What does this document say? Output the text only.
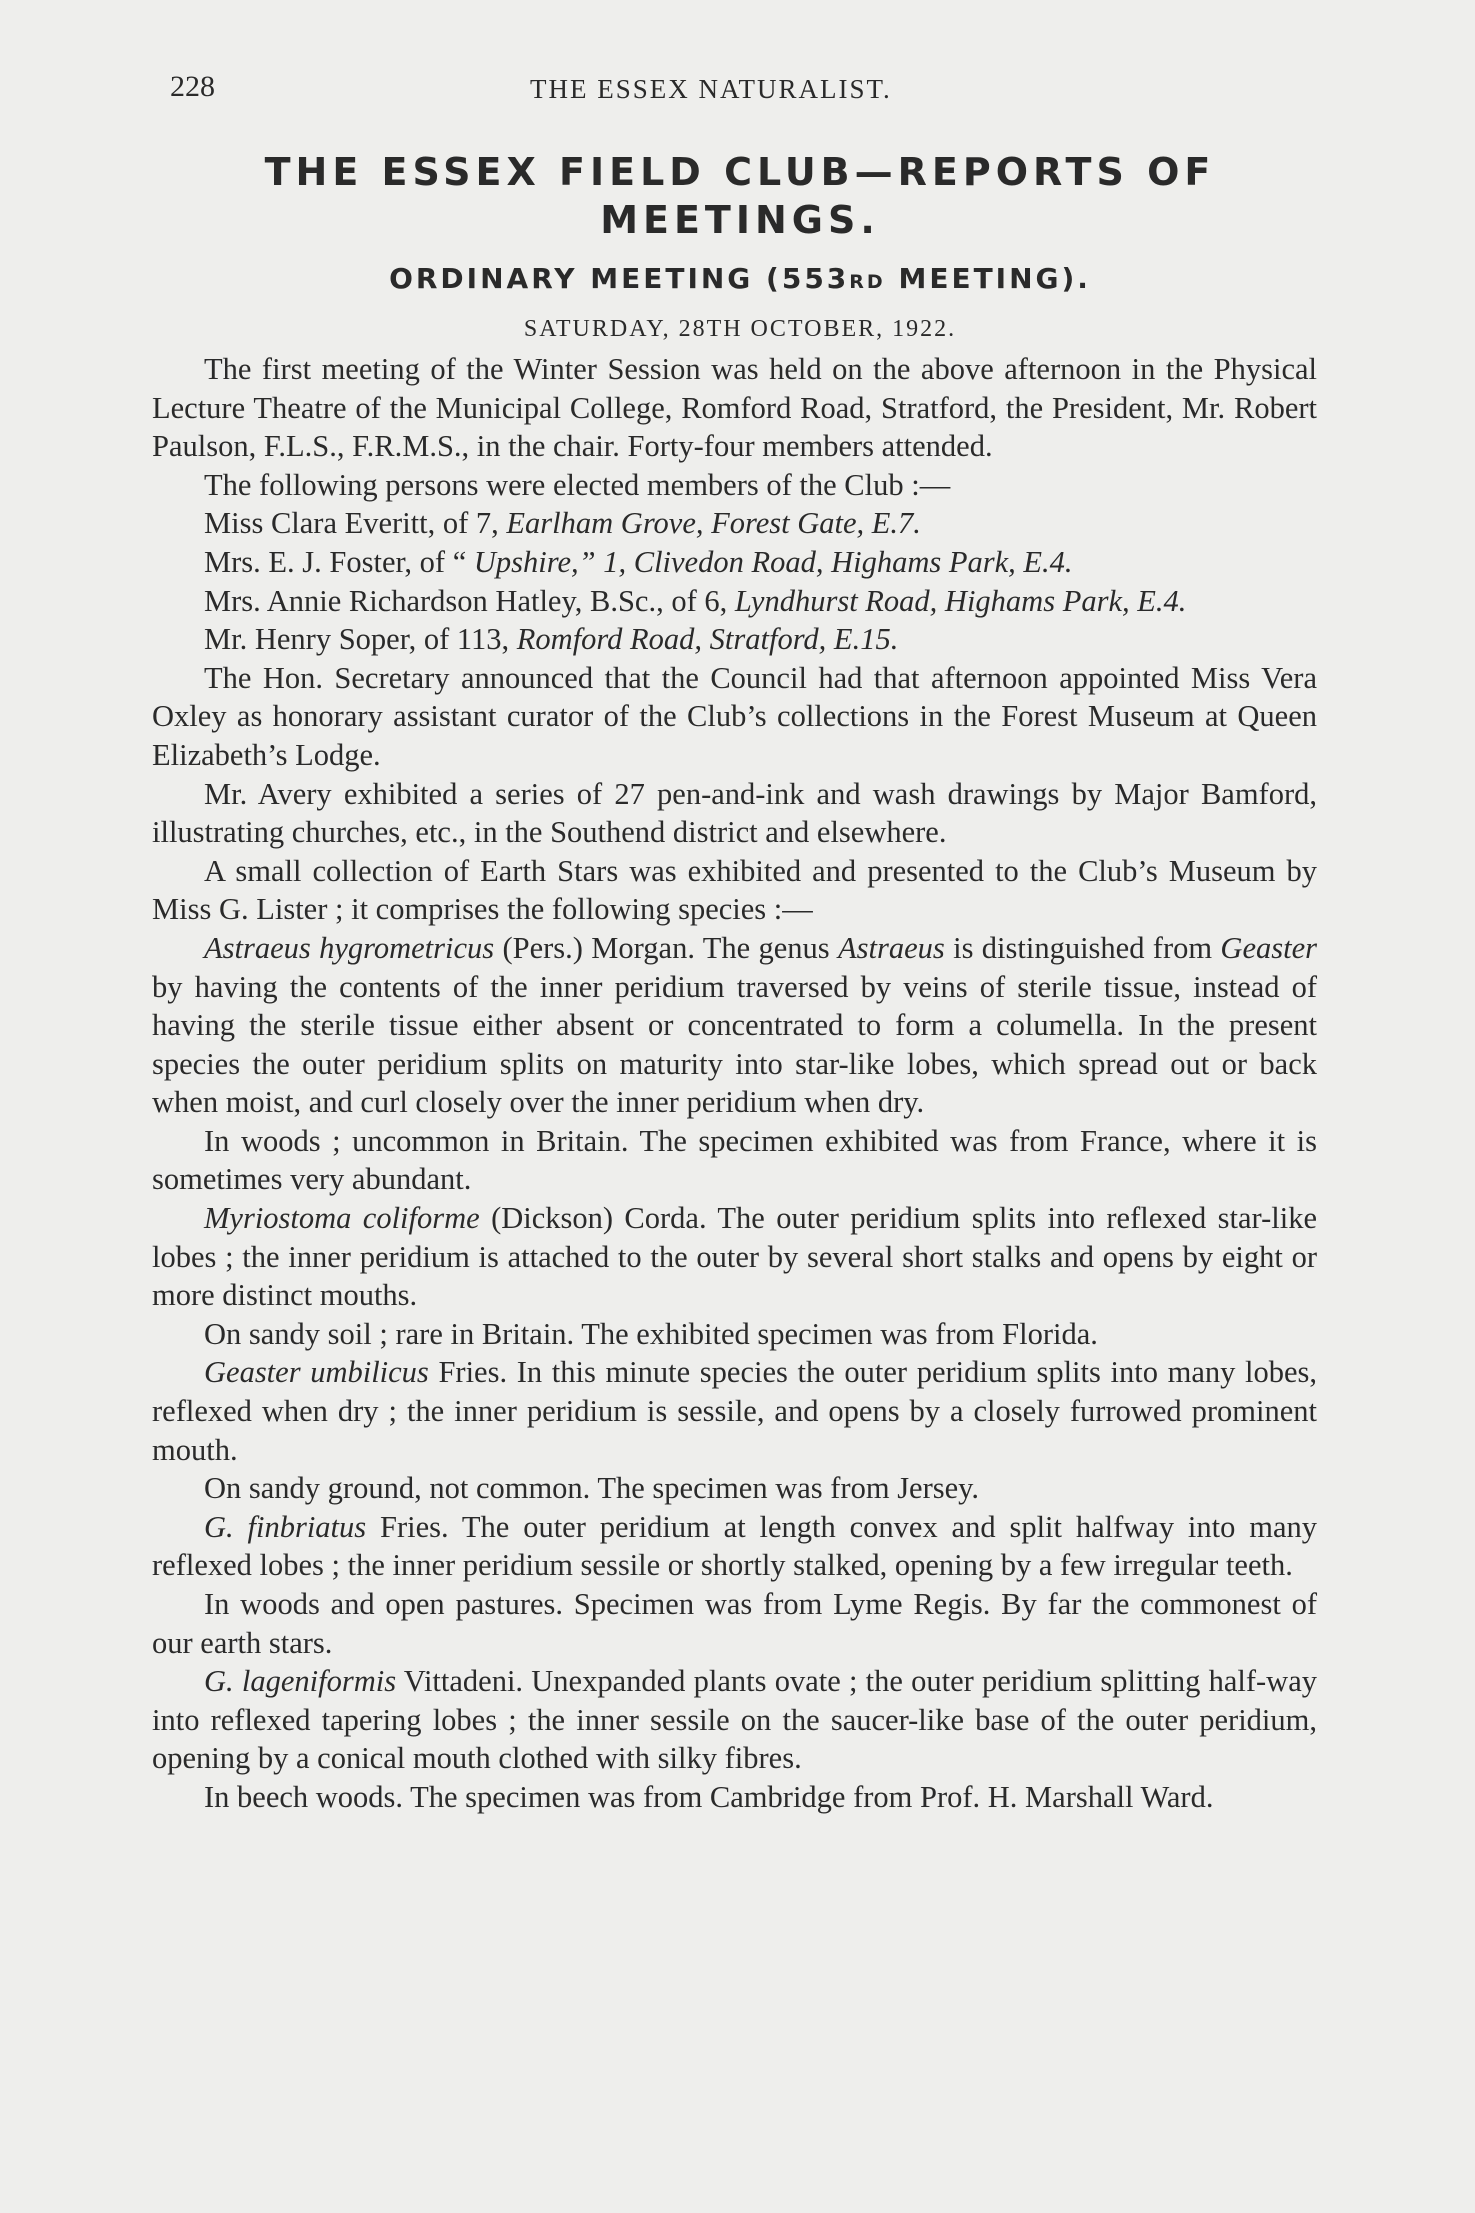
228	THE ESSEX NATURALIST.
THE ESSEX FIELD CLUB—REPORTS OF
MEETINGS.
ORDINARY MEETING (553RD MEETING).
SATURDAY, 28TH OCTOBER, 1922.

The first meeting of the Winter Session was held on the above afternoon in the Physical Lecture Theatre of the Municipal College, Romford Road, Stratford, the President, Mr. Robert Paulson, F.L.S., F.R.M.S., in the chair. Forty-four members attended.

The following persons were elected members of the Club :—

Miss Clara Everitt, of 7, Earlham Grove, Forest Gate, E.7.

Mrs. E. J. Foster, of “ Upshire,” 1, Clivedon Road, Highams Park, E.4.

Mrs. Annie Richardson Hatley, B.Sc., of 6, Lyndhurst Road, Highams Park, E.4.

Mr. Henry Soper, of 113, Romford Road, Stratford, E.15.

The Hon. Secretary announced that the Council had that afternoon appointed Miss Vera Oxley as honorary assistant curator of the Club’s collections in the Forest Museum at Queen Elizabeth’s Lodge.

Mr. Avery exhibited a series of 27 pen-and-ink and wash drawings by Major Bamford, illustrating churches, etc., in the Southend district and elsewhere.

A small collection of Earth Stars was exhibited and presented to the Club’s Museum by Miss G. Lister ; it comprises the following species :—

Astraeus hygrometricus (Pers.) Morgan. The genus Astraeus is distinguished from Geaster by having the contents of the inner peridium traversed by veins of sterile tissue, instead of having the sterile tissue either absent or concentrated to form a columella. In the present species the outer peridium splits on maturity into star-like lobes, which spread out or back when moist, and curl closely over the inner peridium when dry.

In woods ; uncommon in Britain. The specimen exhibited was from France, where it is sometimes very abundant.

Myriostoma coliforme (Dickson) Corda. The outer peridium splits into reflexed star-like lobes ; the inner peridium is attached to the outer by several short stalks and opens by eight or more distinct mouths.

On sandy soil ; rare in Britain. The exhibited specimen was from Florida.

Geaster umbilicus Fries. In this minute species the outer peridium splits into many lobes, reflexed when dry ; the inner peridium is sessile, and opens by a closely furrowed prominent mouth.

On sandy ground, not common. The specimen was from Jersey.

G. finbriatus Fries. The outer peridium at length convex and split halfway into many reflexed lobes ; the inner peridium sessile or shortly stalked, opening by a few irregular teeth.

In woods and open pastures. Specimen was from Lyme Regis. By far the commonest of our earth stars.

G. lageniformis Vittadeni. Unexpanded plants ovate ; the outer peridium splitting half-way into reflexed tapering lobes ; the inner sessile on the saucer-like base of the outer peridium, opening by a conical mouth clothed with silky fibres.

In beech woods. The specimen was from Cambridge from Prof. H. Marshall Ward.
